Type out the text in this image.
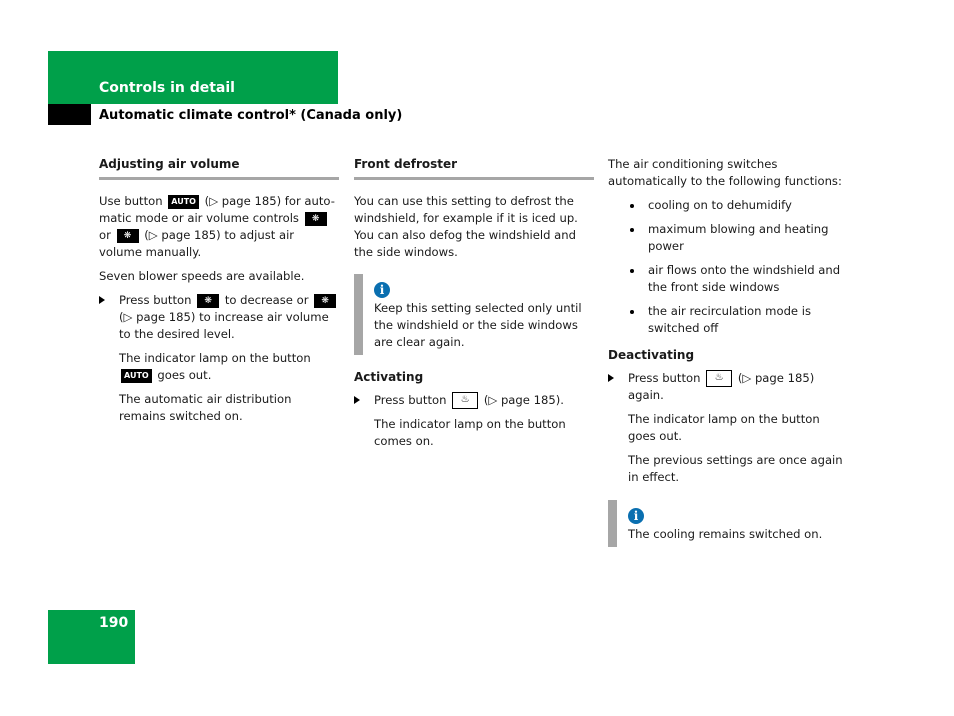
Controls in detail
Automatic climate control* (Canada only)
Adjusting air volume

Use button AUTO (▷ page 185) for auto-matic mode or air volume controls ❋ or ❋ (▷ page 185) to adjust air volume manually.

Seven blower speeds are available.

Press button ❋ to decrease or ❋ (▷ page 185) to increase air volume to the desired level.

The indicator lamp on the button AUTO goes out.

The automatic air distribution remains switched on.

Front defroster

You can use this setting to defrost the windshield, for example if it is iced up. You can also defog the windshield and the side windows.

i
Keep this setting selected only until the windshield or the side windows are clear again.
Activating
Press button ♨ (▷ page 185).

The indicator lamp on the button comes on.

The air conditioning switches automatically to the following functions:

cooling on to dehumidify
maximum blowing and heating power
air flows onto the windshield and the front side windows
the air recirculation mode is switched off
Deactivating
Press button ♨ (▷ page 185) again.

The indicator lamp on the button goes out.

The previous settings are once again in effect.

i
The cooling remains switched on.
190
